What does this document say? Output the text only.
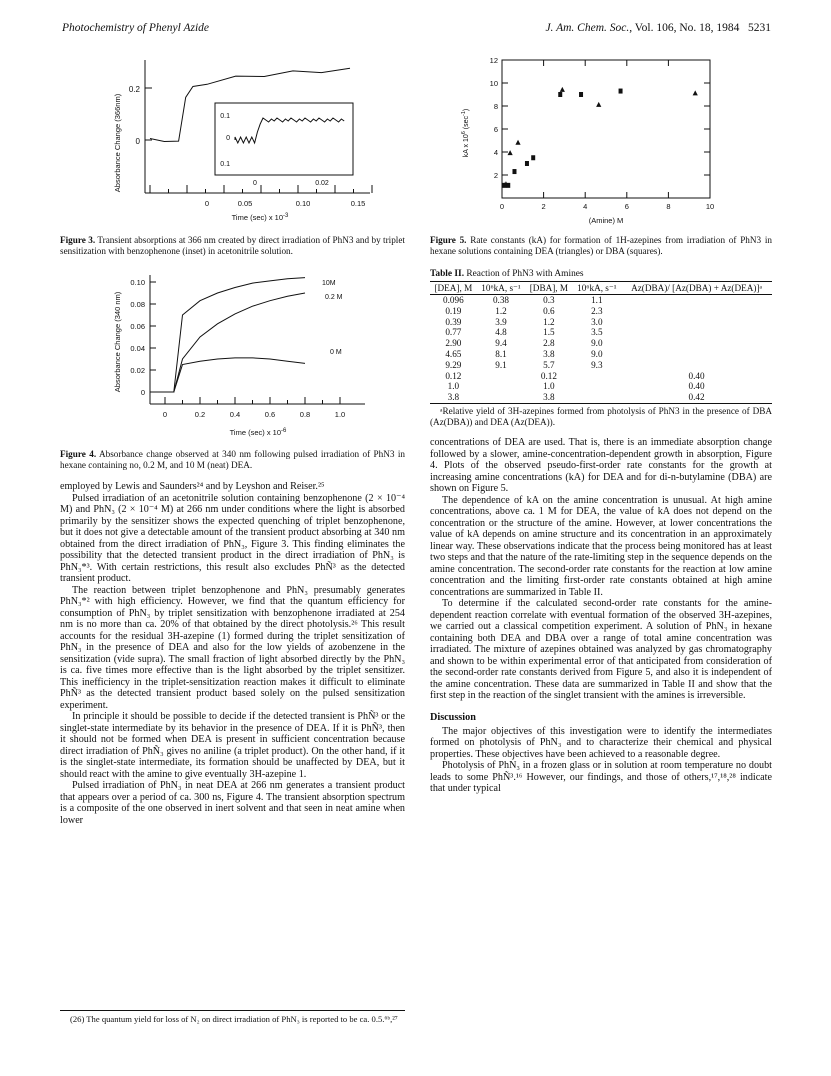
Photochemistry of Phenyl Azide	J. Am. Chem. Soc., Vol. 106, No. 18, 1984 5231
Absorbance Change (366nm)
0.2
0
0	0.05	0.10	0.15
Time (sec) x $10^{-3}$
0.1
0
0.1
0	0.02

Figure 3. Transient absorptions at 366 nm created by direct irradiation of PhN3 and by triplet sensitization with benzophenone (inset) in acetonitrile solution.

Absorbance Change (340 nm)
0.10
0.08
0.06
0.04
0.02
0
0	0.2	0.4	0.6	0.8	1.0
Time (sec) x $10^{-6}$
10M
0.2 M
0 M

Figure 4. Absorbance change observed at 340 nm following pulsed irradiation of PhN3 in hexane containing no, 0.2 M, and 10 M (neat) DEA.

employed by Lewis and Saunders²⁴ and by Leyshon and Reiser.²⁵

Pulsed irradiation of an acetonitrile solution containing benzophenone (2 × 10⁻⁴ M) and PhN₃ (2 × 10⁻⁴ M) at 266 nm under conditions where the light is absorbed primarily by the sensitizer shows the expected quenching of triplet benzophenone, but it does not give a detectable amount of the transient product absorbing at 340 nm obtained from the direct irradiation of PhN₃, Figure 3. This finding eliminates the possibility that the detected transient product in the direct irradiation of PhN₃ is PhN₃*³. With certain restrictions, this result also excludes PhÑ³ as the detected transient product.

The reaction between triplet benzophenone and PhN₃ presumably generates PhN₃*² with high efficiency. However, we find that the quantum efficiency for consumption of PhN₃ by triplet sensitization with benzophenone irradiated at 254 nm is no more than ca. 20% of that obtained by the direct photolysis.²⁶ This result accounts for the residual 3H-azepine (1) formed during the triplet sensitization of PhN₃ in the presence of DEA and also for the low yields of azobenzene in the sensitization (vide supra). The small fraction of light absorbed directly by the PhN₃ is ca. five times more effective than is the light absorbed by the triplet sensitizer. This inefficiency in the triplet-sensitization reaction makes it difficult to eliminate PhÑ³ as the detected transient product based solely on the pulsed sensitization experiment.

In principle it should be possible to decide if the detected transient is PhÑ³ or the singlet-state intermediate by its behavior in the presence of DEA. If it is PhÑ³, then it should not be formed when DEA is present in sufficient concentration because direct irradiation of PhÑ₃ gives no aniline (a triplet product). On the other hand, if it is the singlet-state intermediate, its formation should be unaffected by DEA, but it should react with the amine to give eventually 3H-azepine 1.

Pulsed irradiation of PhN₃ in neat DEA at 266 nm generates a transient product that appears over a period of ca. 300 ns, Figure 4. The transient absorption spectrum is a composite of the one observed in inert solvent and that seen in neat amine when lower

(26) The quantum yield for loss of N₂ on direct irradiation of PhN₃ is reported to be ca. 0.5.⁶ᵇ,²⁷
kA x $10^6$ $(\sec^{-1})$
12
10
8
6
4
2
0	2	4	6	8	10
(Amine) M

Figure 5. Rate constants (kA) for formation of 1H-azepines from irradiation of PhN3 in hexane solutions containing DEA (triangles) or DBA (squares).

Table II. Reaction of PhN3 with Amines
[DEA], M	10⁶kA, s⁻¹	[DBA], M	10⁶kA, s⁻¹	Az(DBA)/ [Az(DBA) + Az(DEA)]ᵃ
0.096	0.38	0.3	1.1	
0.19	1.2	0.6	2.3	
0.39	3.9	1.2	3.0	
0.77	4.8	1.5	3.5	
2.90	9.4	2.8	9.0	
4.65	8.1	3.8	9.0	
9.29	9.1	5.7	9.3	
0.12		0.12		0.40
1.0		1.0		0.40
3.8		3.8		0.42
ᵃRelative yield of 3H-azepines formed from photolysis of PhN3 in the presence of DBA (Az(DBA)) and DEA (Az(DEA)).

concentrations of DEA are used. That is, there is an immediate absorption change followed by a slower, amine-concentration-dependent growth in absorption, Figure 4. Plots of the observed pseudo-first-order rate constants for the growth at increasing amine concentrations (kA) for DEA and for di-n-butylamine (DBA) are shown on Figure 5.

The dependence of kA on the amine concentration is unusual. At high amine concentrations, above ca. 1 M for DEA, the value of kA does not depend on the concentration or the structure of the amine. However, at lower concentrations the value of kA depends on amine structure and its concentration in an approximately linear way. These observations indicate that the process being monitored has at least two steps and that the nature of the rate-limiting step in the sequence depends on the amine concentration. The second-order rate constants for the reaction at low amine concentration and the limiting first-order rate constants obtained at high amine concentrations are summarized in Table II.

To determine if the calculated second-order rate constants for the amine-dependent reaction correlate with eventual formation of the observed 3H-azepines, we carried out a classical competition experiment. A solution of PhN₃ in hexane containing both DEA and DBA over a range of total amine concentration was irradiated. The mixture of azepines obtained was analyzed by gas chromatography and shown to be within experimental error of that anticipated from consideration of the second-order rate constants derived from Figure 5, and also it is independent of the amine concentration. These data are summarized in Table II and show that the first step in the reaction of the singlet transient with the amines is irreversible.

Discussion

The major objectives of this investigation were to identify the intermediates formed on photolysis of PhN₃ and to characterize their chemical and physical properties. These objectives have been achieved to a reasonable degree.

Photolysis of PhN₃ in a frozen glass or in solution at room temperature no doubt leads to some PhÑ³.¹⁶ However, our findings, and those of others,¹⁷,¹⁸,²⁸ indicate that under typical
